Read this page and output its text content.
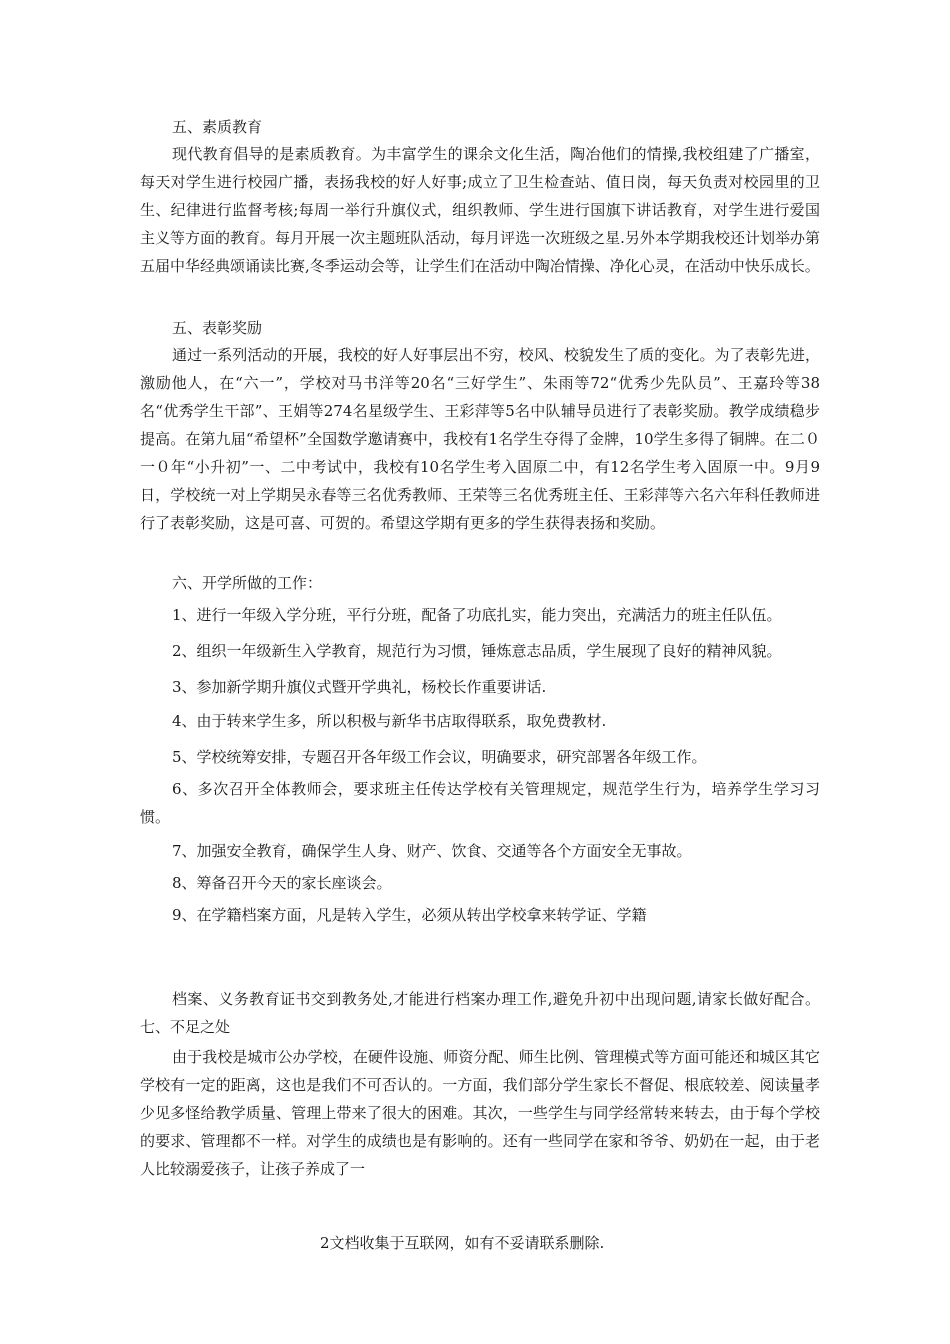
五、素质教育

现代教育倡导的是素质教育。为丰富学生的课余文化生活，陶冶他们的情操,我校组建了广播室，每天对学生进行校园广播，表扬我校的好人好事;成立了卫生检查站、值日岗，每天负责对校园里的卫生、纪律进行监督考核;每周一举行升旗仪式，组织教师、学生进行国旗下讲话教育，对学生进行爱国主义等方面的教育。每月开展一次主题班队活动，每月评选一次班级之星.另外本学期我校还计划举办第五届中华经典颂诵读比赛,冬季运动会等，让学生们在活动中陶冶情操、净化心灵，在活动中快乐成长。

五、表彰奖励

通过一系列活动的开展，我校的好人好事层出不穷，校风、校貌发生了质的变化。为了表彰先进，激励他人，在“六一”，学校对马书洋等20名“三好学生”、朱雨等72“优秀少先队员”、王嘉玲等38名“优秀学生干部”、王娟等274名星级学生、王彩萍等5名中队辅导员进行了表彰奖励。教学成绩稳步提高。在第九届“希望杯”全国数学邀请赛中，我校有1名学生夺得了金牌，10学生多得了铜牌。在二０一０年“小升初”一、二中考试中，我校有10名学生考入固原二中，有12名学生考入固原一中。9月9日，学校统一对上学期吴永春等三名优秀教师、王荣等三名优秀班主任、王彩萍等六名六年科任教师进行了表彰奖励，这是可喜、可贺的。希望这学期有更多的学生获得表扬和奖励。

六、开学所做的工作：

1、进行一年级入学分班，平行分班，配备了功底扎实，能力突出，充满活力的班主任队伍。

2、组织一年级新生入学教育，规范行为习惯，锤炼意志品质，学生展现了良好的精神风貌。

3、参加新学期升旗仪式暨开学典礼，杨校长作重要讲话.

4、由于转来学生多，所以积极与新华书店取得联系，取免费教材.

5、学校统筹安排，专题召开各年级工作会议，明确要求，研究部署各年级工作。

6、多次召开全体教师会，要求班主任传达学校有关管理规定，规范学生行为，培养学生学习习惯。

7、加强安全教育，确保学生人身、财产、饮食、交通等各个方面安全无事故。

8、筹备召开今天的家长座谈会。

9、在学籍档案方面，凡是转入学生，必须从转出学校拿来转学证、学籍

档案、义务教育证书交到教务处,才能进行档案办理工作,避免升初中出现问题,请家长做好配合。七、不足之处

由于我校是城市公办学校，在硬件设施、师资分配、师生比例、管理模式等方面可能还和城区其它学校有一定的距离，这也是我们不可否认的。一方面，我们部分学生家长不督促、根底较差、阅读量孝少见多怪给教学质量、管理上带来了很大的困难。其次，一些学生与同学经常转来转去，由于每个学校的要求、管理都不一样。对学生的成绩也是有影响的。还有一些同学在家和爷爷、奶奶在一起，由于老人比较溺爱孩子，让孩子养成了一

2文档收集于互联网，如有不妥请联系删除.
